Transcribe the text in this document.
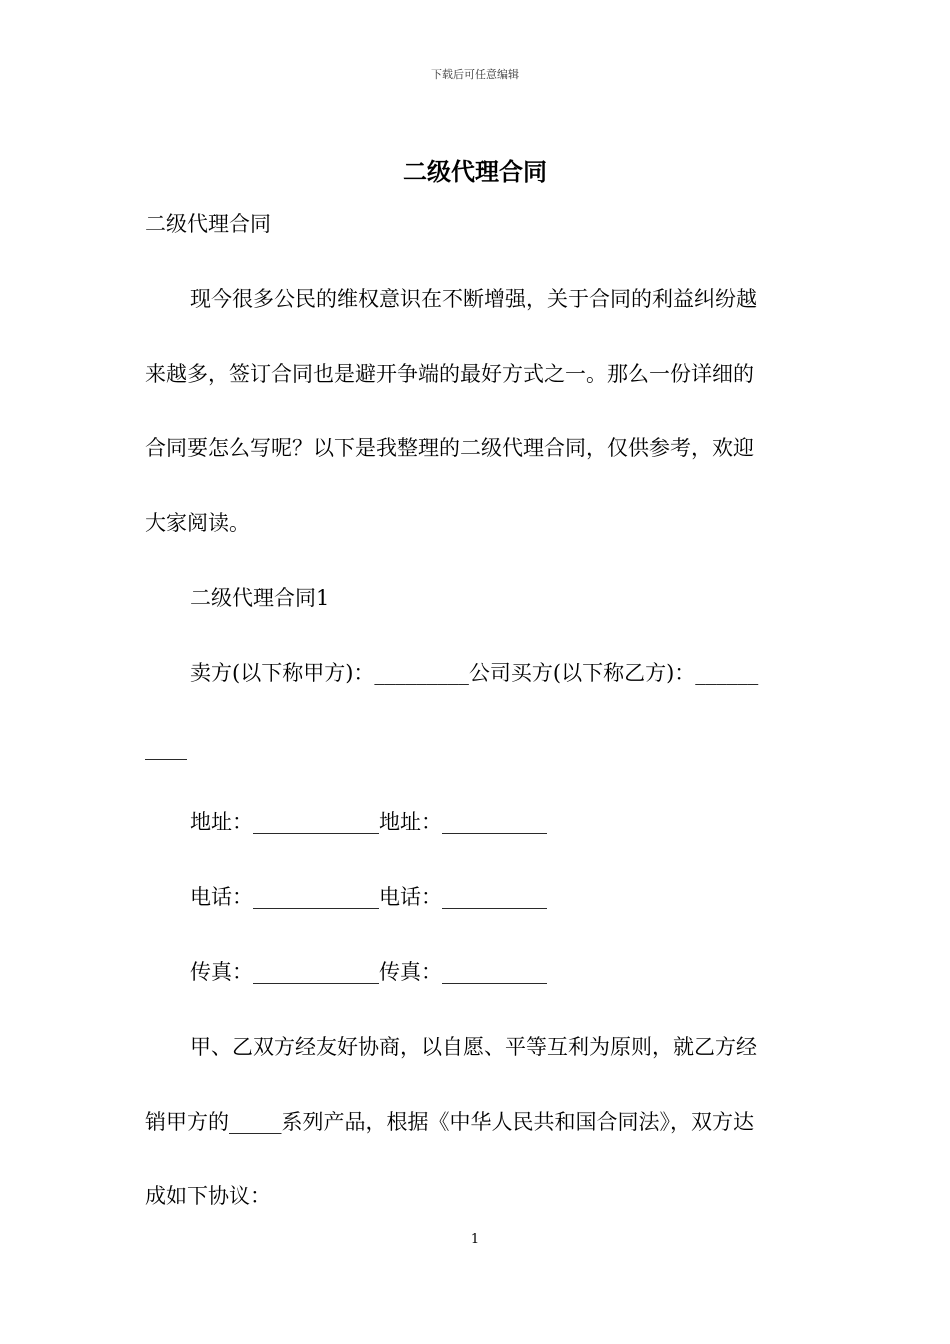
下载后可任意编辑
二级代理合同
二级代理合同
现今很多公民的维权意识在不断增强，关于合同的利益纠纷越
来越多，签订合同也是避开争端的最好方式之一。那么一份详细的
合同要怎么写呢？以下是我整理的二级代理合同，仅供参考，欢迎
大家阅读。
二级代理合同1
卖方(以下称甲方)：_________公司买方(以下称乙方)：______
____
地址：____________地址：__________
电话：____________电话：__________
传真：____________传真：__________
甲、乙双方经友好协商，以自愿、平等互利为原则，就乙方经
销甲方的_____系列产品，根据《中华人民共和国合同法》，双方达
成如下协议：
1
